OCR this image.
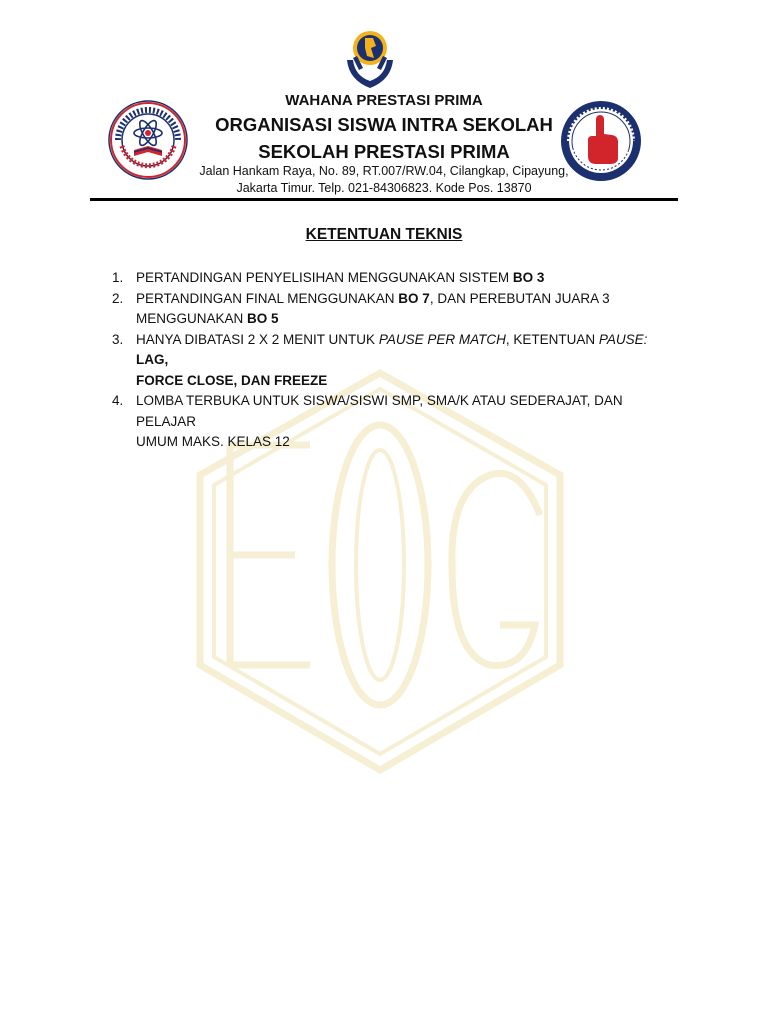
WAHANA PRESTASI PRIMA
ORGANISASI SISWA INTRA SEKOLAH
SEKOLAH PRESTASI PRIMA
Jalan Hankam Raya, No. 89, RT.007/RW.04, Cilangkap, Cipayung,
Jakarta Timur. Telp. 021-84306823. Kode Pos. 13870
KETENTUAN TEKNIS
1. PERTANDINGAN PENYELISIHAN MENGGUNAKAN SISTEM BO 3
2. PERTANDINGAN FINAL MENGGUNAKAN BO 7, DAN PEREBUTAN JUARA 3
MENGGUNAKAN BO 5
3. HANYA DIBATASI 2 X 2 MENIT UNTUK PAUSE PER MATCH, KETENTUAN PAUSE: LAG,
FORCE CLOSE, DAN FREEZE
4. LOMBA TERBUKA UNTUK SISWA/SISWI SMP, SMA/K ATAU SEDERAJAT, DAN PELAJAR
UMUM MAKS. KELAS 12
